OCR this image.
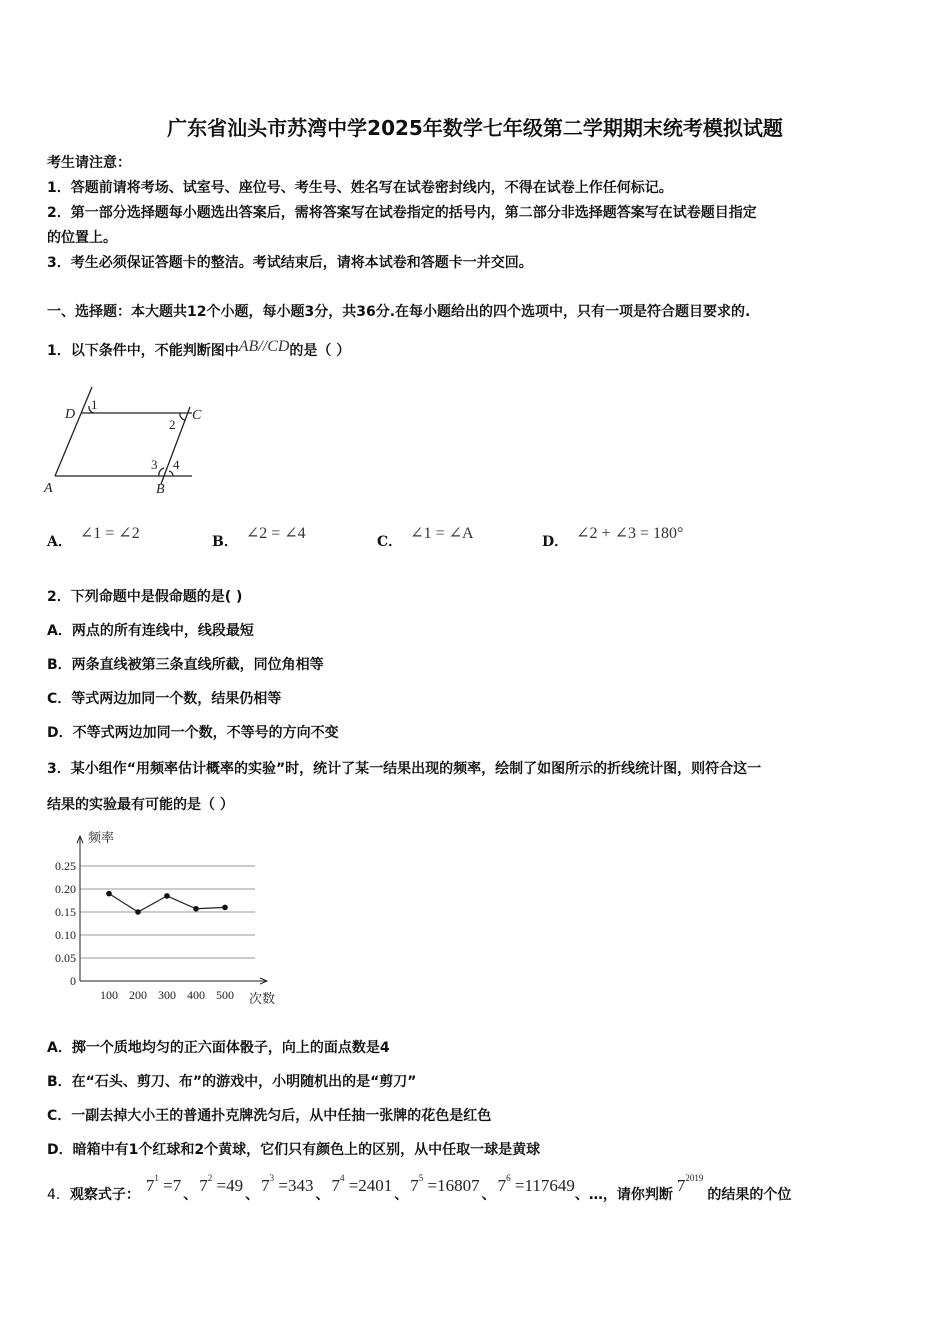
广东省汕头市苏湾中学2025年数学七年级第二学期期末统考模拟试题
考生请注意：
1．答题前请将考场、试室号、座位号、考生号、姓名写在试卷密封线内，不得在试卷上作任何标记。
2．第一部分选择题每小题选出答案后，需将答案写在试卷指定的括号内，第二部分非选择题答案写在试卷题目指定
的位置上。
3．考生必须保证答题卡的整洁。考试结束后，请将本试卷和答题卡一并交回。
一、选择题：本大题共12个小题，每小题3分，共36分.在每小题给出的四个选项中，只有一项是符合题目要求的.
1．以下条件中，不能判断图中AB//CD的是（ ）
D	C
A	B
1
2
3 4
A． ∠1 = ∠2	B． ∠2 = ∠4	C． ∠1 = ∠A	D． ∠2 + ∠3 = 180°
2．下列命题中是假命题的是( )
A．两点的所有连线中，线段最短
B．两条直线被第三条直线所截，同位角相等
C．等式两边加同一个数，结果仍相等
D．不等式两边加同一个数，不等号的方向不变
3．某小组作“用频率估计概率的实验”时，统计了某一结果出现的频率，绘制了如图所示的折线统计图，则符合这一
结果的实验最有可能的是（ ）
0
0.05
0.10
0.15
0.20
0.25
频率
次数
100 200 300 400 500
A．掷一个质地均匀的正六面体骰子，向上的面点数是4
B．在“石头、剪刀、布”的游戏中，小明随机出的是“剪刀”
C．一副去掉大小王的普通扑克牌洗匀后，从中任抽一张牌的花色是红色
D．暗箱中有1个红球和2个黄球，它们只有颜色上的区别，从中任取一球是黄球
4．观察式子： $7^1 =7$ 、 $7^2 =49$ 、 $7^3 =343$ 、 $7^4 =2401$ 、 $7^5 =16807$ 、 $7^6 =117649$、…，请你判断 $7^{2019}$的结果的个位
